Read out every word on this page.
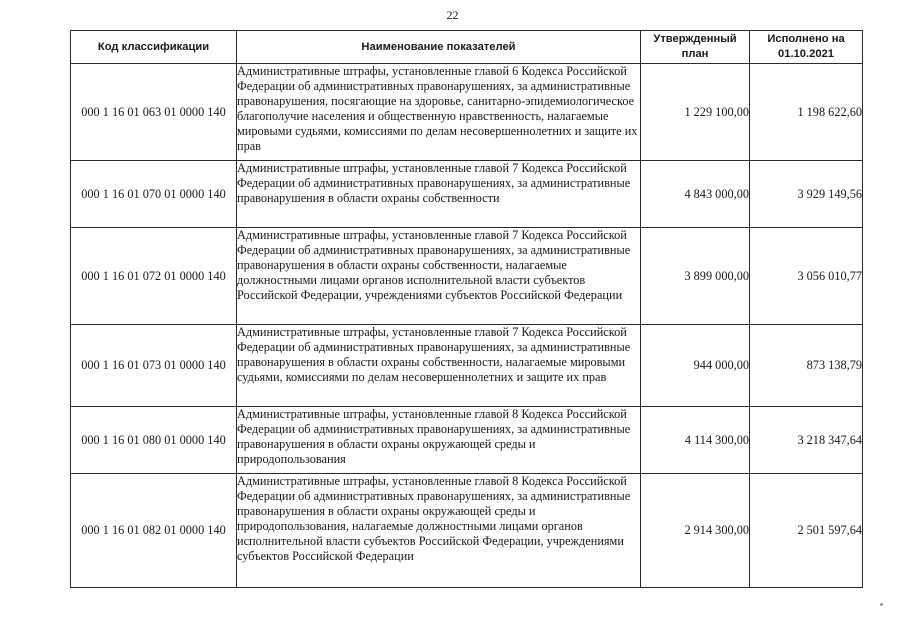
22
Код классификации	Наименование показателей	Утвержденный план	Исполнено на 01.10.2021
000 1 16 01 063 01 0000 140	Административные штрафы, установленные главой 6 Кодекса Российской Федерации об административных правонарушениях, за административные правонарушения, посягающие на здоровье, санитарно-эпидемиологическое благополучие населения и общественную нравственность, налагаемые мировыми судьями, комиссиями по делам несовершеннолетних и защите их прав	1 229 100,00	1 198 622,60
000 1 16 01 070 01 0000 140	Административные штрафы, установленные главой 7 Кодекса Российской Федерации об административных правонарушениях, за административные правонарушения в области охраны собственности	4 843 000,00	3 929 149,56
000 1 16 01 072 01 0000 140	Административные штрафы, установленные главой 7 Кодекса Российской Федерации об административных правонарушениях, за административные правонарушения в области охраны собственности, налагаемые должностными лицами органов исполнительной власти субъектов Российской Федерации, учреждениями субъектов Российской Федерации	3 899 000,00	3 056 010,77
000 1 16 01 073 01 0000 140	Административные штрафы, установленные главой 7 Кодекса Российской Федерации об административных правонарушениях, за административные правонарушения в области охраны собственности, налагаемые мировыми судьями, комиссиями по делам несовершеннолетних и защите их прав	944 000,00	873 138,79
000 1 16 01 080 01 0000 140	Административные штрафы, установленные главой 8 Кодекса Российской Федерации об административных правонарушениях, за административные правонарушения в области охраны окружающей среды и природопользования	4 114 300,00	3 218 347,64
000 1 16 01 082 01 0000 140	Административные штрафы, установленные главой 8 Кодекса Российской Федерации об административных правонарушениях, за административные правонарушения в области охраны окружающей среды и природопользования, налагаемые должностными лицами органов исполнительной власти субъектов Российской Федерации, учреждениями субъектов Российской Федерации	2 914 300,00	2 501 597,64
